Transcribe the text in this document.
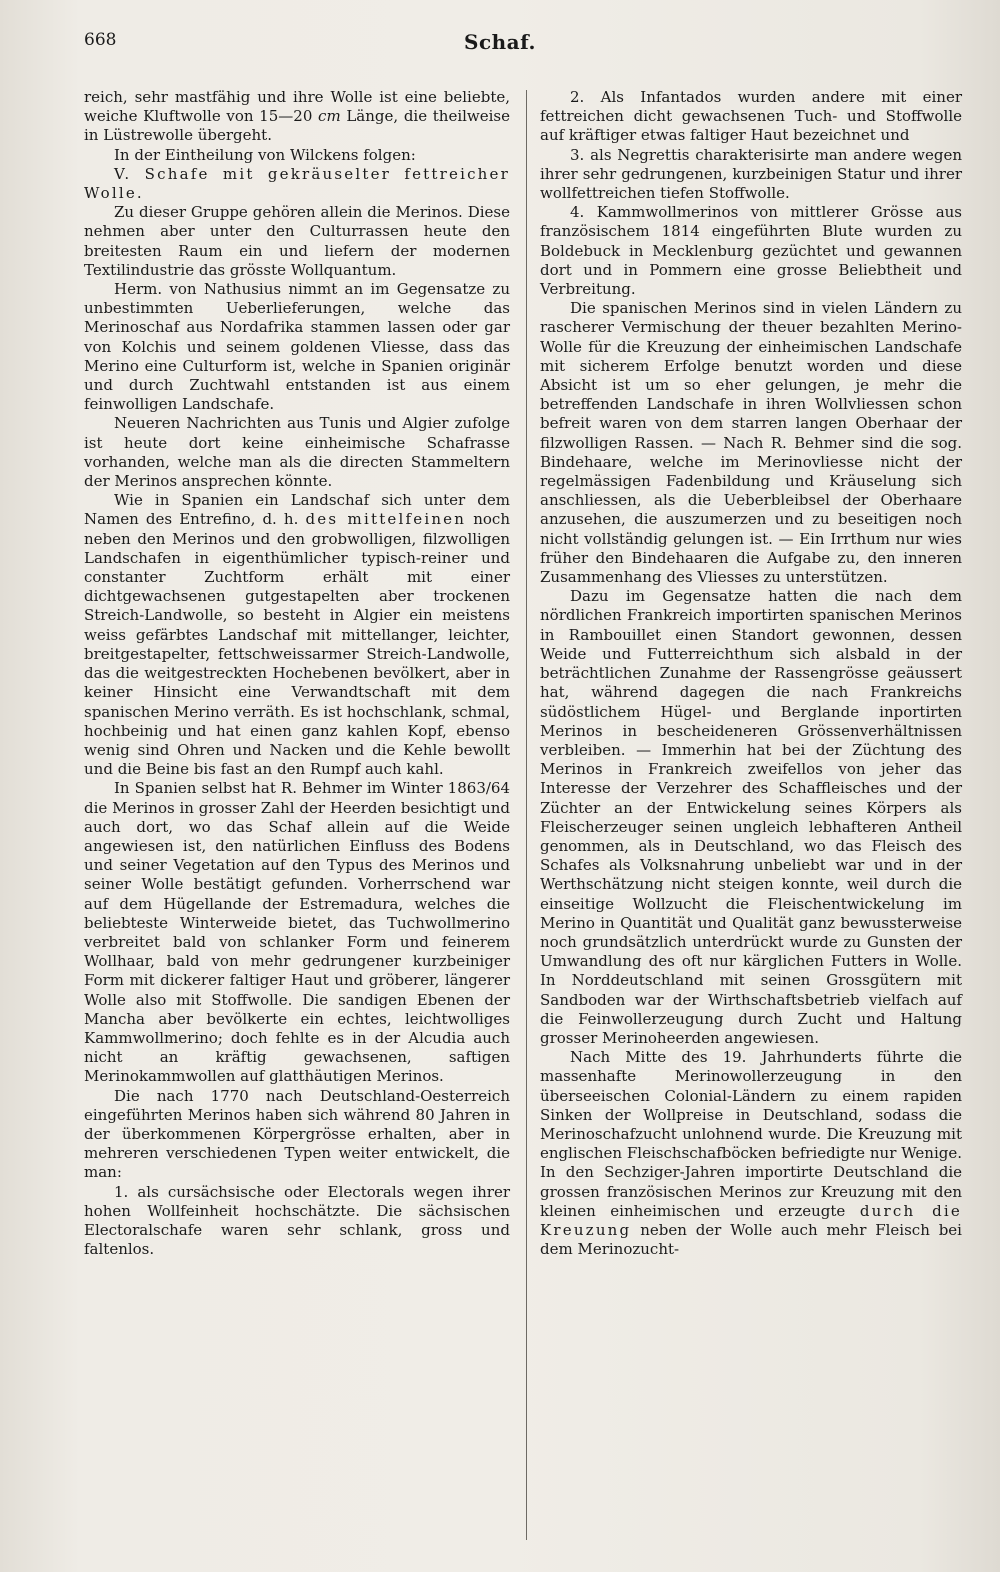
668	Schaf.

reich, sehr mastfähig und ihre Wolle ist eine beliebte, weiche Kluftwolle von 15—20 cm Länge, die theilweise in Lüstrewolle übergeht.

In der Eintheilung von Wilckens folgen:

V. Schafe mit gekräuselter fettreicher Wolle.

Zu dieser Gruppe gehören allein die Merinos. Diese nehmen aber unter den Culturrassen heute den breitesten Raum ein und liefern der modernen Textilindustrie das grösste Wollquantum.

Herm. von Nathusius nimmt an im Gegensatze zu unbestimmten Ueberlieferungen, welche das Merinoschaf aus Nordafrika stammen lassen oder gar von Kolchis und seinem goldenen Vliesse, dass das Merino eine Culturform ist, welche in Spanien originär und durch Zuchtwahl entstanden ist aus einem feinwolligen Landschafe.

Neueren Nachrichten aus Tunis und Algier zufolge ist heute dort keine einheimische Schafrasse vorhanden, welche man als die directen Stammeltern der Merinos ansprechen könnte.

Wie in Spanien ein Landschaf sich unter dem Namen des Entrefino, d. h. des mittelfeinen noch neben den Merinos und den grobwolligen, filzwolligen Landschafen in eigenthümlicher typisch-reiner und constanter Zuchtform erhält mit einer dichtgewachsenen gutgestapelten aber trockenen Streich-Landwolle, so besteht in Algier ein meistens weiss gefärbtes Landschaf mit mittellanger, leichter, breitgestapelter, fettschweissarmer Streich-Landwolle, das die weitgestreckten Hochebenen bevölkert, aber in keiner Hinsicht eine Verwandtschaft mit dem spanischen Merino verräth. Es ist hochschlank, schmal, hochbeinig und hat einen ganz kahlen Kopf, ebenso wenig sind Ohren und Nacken und die Kehle bewollt und die Beine bis fast an den Rumpf auch kahl.

In Spanien selbst hat R. Behmer im Winter 1863/64 die Merinos in grosser Zahl der Heerden besichtigt und auch dort, wo das Schaf allein auf die Weide angewiesen ist, den natürlichen Einfluss des Bodens und seiner Vegetation auf den Typus des Merinos und seiner Wolle bestätigt gefunden. Vorherrschend war auf dem Hügellande der Estremadura, welches die beliebteste Winterweide bietet, das Tuchwollmerino verbreitet bald von schlanker Form und feinerem Wollhaar, bald von mehr gedrungener kurzbeiniger Form mit dickerer faltiger Haut und gröberer, längerer Wolle also mit Stoffwolle. Die sandigen Ebenen der Mancha aber bevölkerte ein echtes, leichtwolliges Kammwollmerino; doch fehlte es in der Alcudia auch nicht an kräftig gewachsenen, saftigen Merinokammwollen auf glatthäutigen Merinos.

Die nach 1770 nach Deutschland-Oesterreich eingeführten Merinos haben sich während 80 Jahren in der überkommenen Körpergrösse erhalten, aber in mehreren verschiedenen Typen weiter entwickelt, die man:

1. als cursächsische oder Electorals wegen ihrer hohen Wollfeinheit hochschätzte. Die sächsischen Electoralschafe waren sehr schlank, gross und faltenlos.

2. Als Infantados wurden andere mit einer fettreichen dicht gewachsenen Tuch- und Stoffwolle auf kräftiger etwas faltiger Haut bezeichnet und

3. als Negrettis charakterisirte man andere wegen ihrer sehr gedrungenen, kurzbeinigen Statur und ihrer wollfettreichen tiefen Stoffwolle.

4. Kammwollmerinos von mittlerer Grösse aus französischem 1814 eingeführten Blute wurden zu Boldebuck in Mecklenburg gezüchtet und gewannen dort und in Pommern eine grosse Beliebtheit und Verbreitung.

Die spanischen Merinos sind in vielen Ländern zu rascherer Vermischung der theuer bezahlten Merino-Wolle für die Kreuzung der einheimischen Landschafe mit sicherem Erfolge benutzt worden und diese Absicht ist um so eher gelungen, je mehr die betreffenden Landschafe in ihren Wollvliessen schon befreit waren von dem starren langen Oberhaar der filzwolligen Rassen. — Nach R. Behmer sind die sog. Bindehaare, welche im Merinovliesse nicht der regelmässigen Fadenbildung und Kräuselung sich anschliessen, als die Ueberbleibsel der Oberhaare anzusehen, die auszumerzen und zu beseitigen noch nicht vollständig gelungen ist. — Ein Irrthum nur wies früher den Bindehaaren die Aufgabe zu, den inneren Zusammenhang des Vliesses zu unterstützen.

Dazu im Gegensatze hatten die nach dem nördlichen Frankreich importirten spanischen Merinos in Rambouillet einen Standort gewonnen, dessen Weide und Futterreichthum sich alsbald in der beträchtlichen Zunahme der Rassengrösse geäussert hat, während dagegen die nach Frankreichs südöstlichem Hügel- und Berglande inportirten Merinos in bescheideneren Grössenverhältnissen verbleiben. — Immerhin hat bei der Züchtung des Merinos in Frankreich zweifellos von jeher das Interesse der Verzehrer des Schaffleisches und der Züchter an der Entwickelung seines Körpers als Fleischerzeuger seinen ungleich lebhafteren Antheil genommen, als in Deutschland, wo das Fleisch des Schafes als Volksnahrung unbeliebt war und in der Werthschätzung nicht steigen konnte, weil durch die einseitige Wollzucht die Fleischentwickelung im Merino in Quantität und Qualität ganz bewussterweise noch grundsätzlich unterdrückt wurde zu Gunsten der Umwandlung des oft nur kärglichen Futters in Wolle. In Norddeutschland mit seinen Grossgütern mit Sandboden war der Wirthschaftsbetrieb vielfach auf die Feinwollerzeugung durch Zucht und Haltung grosser Merinoheerden angewiesen.

Nach Mitte des 19. Jahrhunderts führte die massenhafte Merinowollerzeugung in den überseeischen Colonial-Ländern zu einem rapiden Sinken der Wollpreise in Deutschland, sodass die Merinoschafzucht unlohnend wurde. Die Kreuzung mit englischen Fleischschafböcken befriedigte nur Wenige. In den Sechziger-Jahren importirte Deutschland die grossen französischen Merinos zur Kreuzung mit den kleinen einheimischen und erzeugte durch die Kreuzung neben der Wolle auch mehr Fleisch bei dem Merinozucht-
